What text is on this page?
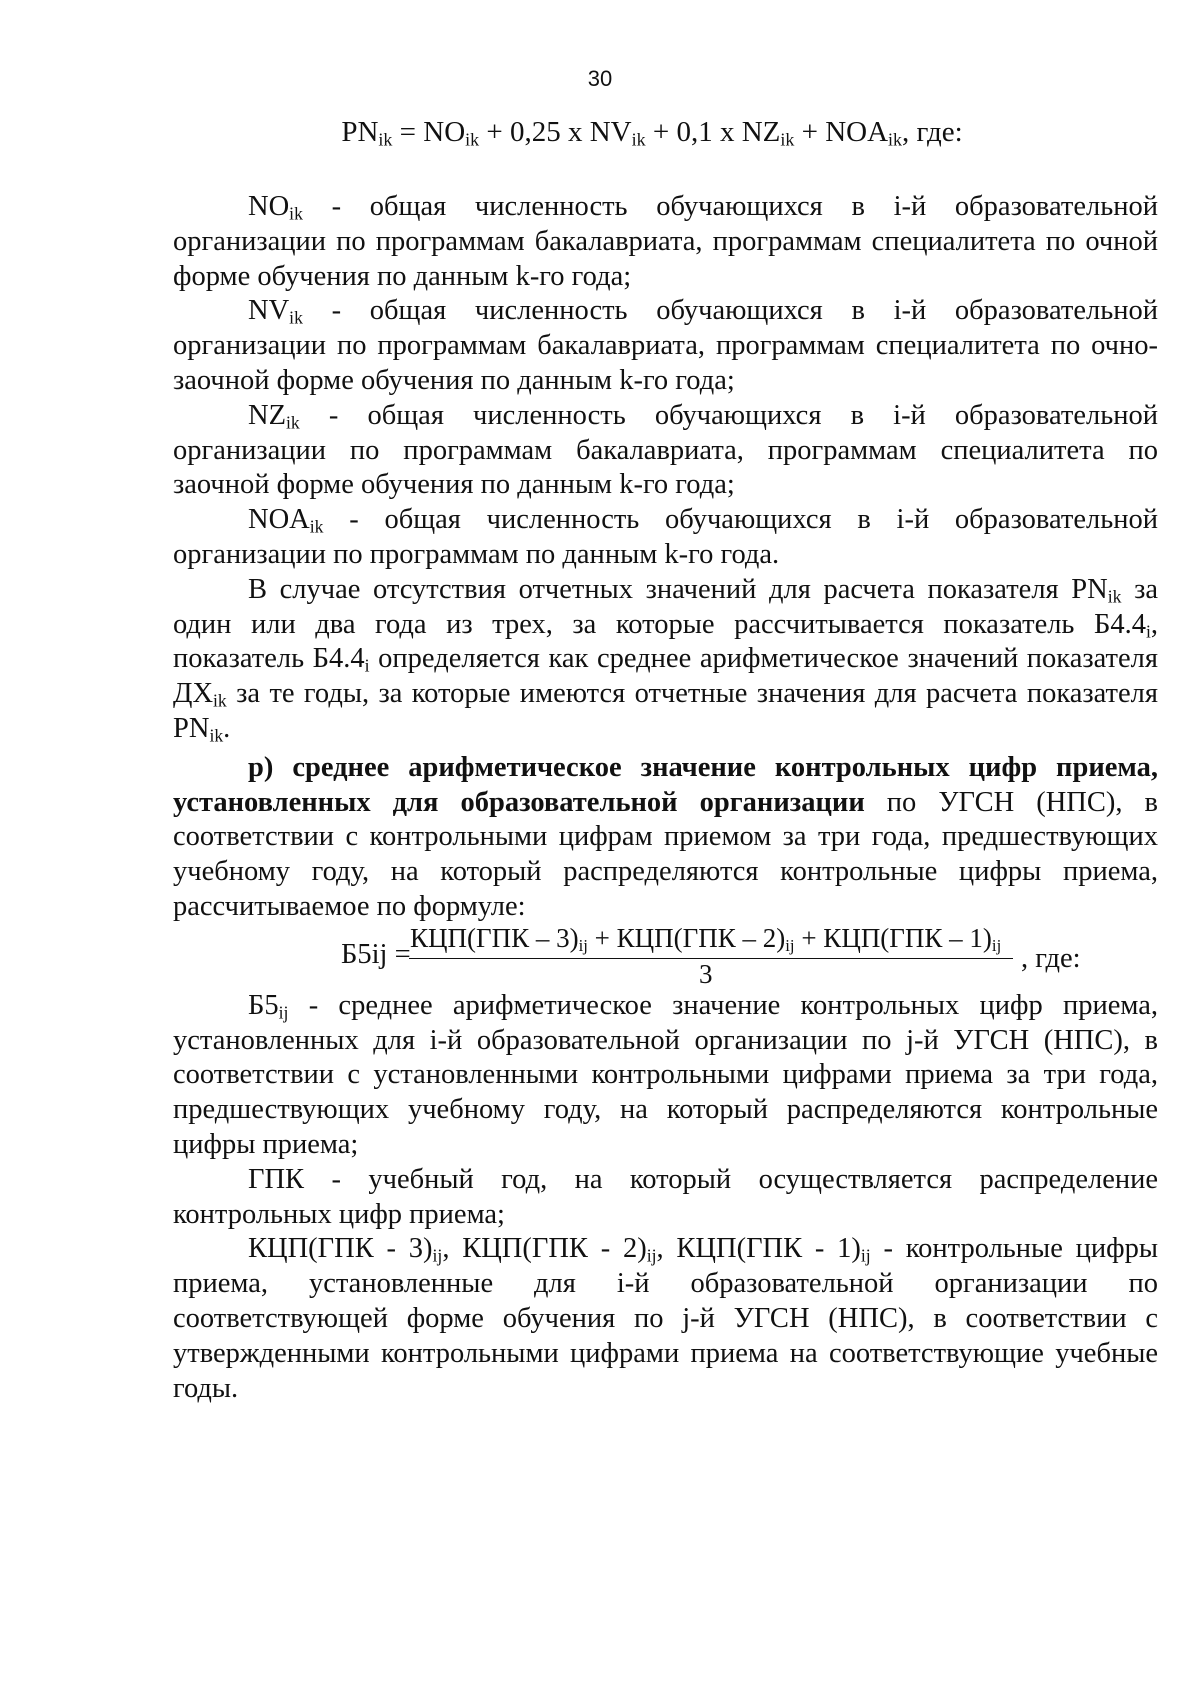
30
$PN_{ik} = NO_{ik} + 0,25$ x $NV_{ik} + 0,1$ x $NZ_{ik} + NOA_{ik}$, где:

$NO_{ik}$ - общая численность обучающихся в i-й образовательной организации по программам бакалавриата, программам специалитета по очной форме обучения по данным k-го года;

$NV_{ik}$ - общая численность обучающихся в i-й образовательной организации по программам бакалавриата, программам специалитета по очно-заочной форме обучения по данным k-го года;

$NZ_{ik}$ - общая численность обучающихся в i-й образовательной организации по программам бакалавриата, программам специалитета по заочной форме обучения по данным k-го года;

$NOA_{ik}$ - общая численность обучающихся в i-й образовательной организации по программам по данным k-го года.

В случае отсутствия отчетных значений для расчета показателя $PN_{ik}$ за один или два года из трех, за которые рассчитывается показатель $Б4.4_i$, показатель $Б4.4_i$ определяется как среднее арифметическое значений показателя $ДХ_{ik}$ за те годы, за которые имеются отчетные значения для расчета показателя $PN_{ik}$.

р) среднее арифметическое значение контрольных цифр приема, установленных для образовательной организации по УГСН (НПС), в соответствии с контрольными цифрам приемом за три года, предшествующих учебному году, на который распределяются контрольные цифры приема, рассчитываемое по формуле:

Б5ij =
$КЦП(ГПК - 3)_{ij} + КЦП(ГПК - 2)_{ij} + КЦП(ГПК - 1)_{ij}$
3	, где:

$Б5_{ij}$ - среднее арифметическое значение контрольных цифр приема, установленных для i-й образовательной организации по j-й УГСН (НПС), в соответствии с установленными контрольными цифрами приема за три года, предшествующих учебному году, на который распределяются контрольные цифры приема;

ГПК - учебный год, на который осуществляется распределение контрольных цифр приема;

$КЦП(ГПК - 3)_{ij}$, $КЦП(ГПК - 2)_{ij}$, $КЦП(ГПК - 1)_{ij}$ - контрольные цифры приема, установленные для i-й образовательной организации по соответствующей форме обучения по j-й УГСН (НПС), в соответствии с утвержденными контрольными цифрами приема на соответствующие учебные годы.
